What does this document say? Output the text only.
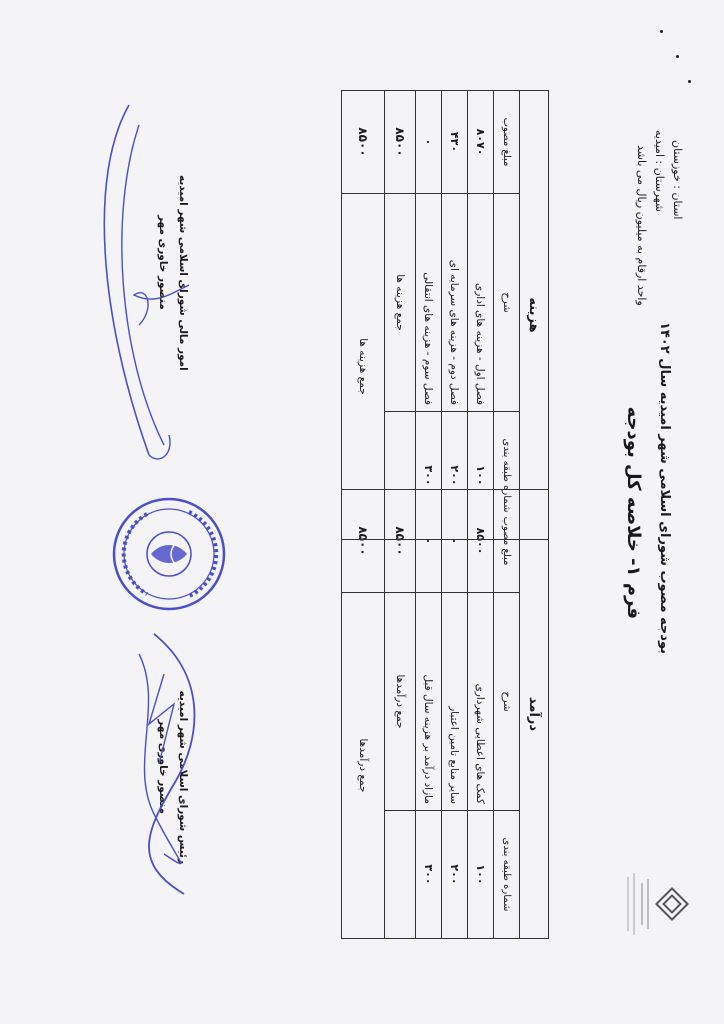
بودجه مصوب شورای اسلامی شهر امیدیه سال ۱۴۰۲
فرم ۱- خلاصه کل بودجه
استان : خوزستان
شهرستان : امیدیه
واحد ارقام به میلیون ریال می باشد
درآمد		
شماره طبقه بندی	شرح	مبلغ مصوب
۱۰۰	کمک های اعطایی شهرداری	۸۵۰۰
۲۰۰	سایر منابع تامین اعتبار	۰
۳۰۰	مازاد درآمد بر هزینه سال قبل	۰
	جمع درآمدها	۸۵۰۰
جمع درآمدها		۸۵۰۰
هزینه		
شماره طبقه بندی	شرح	مبلغ مصوب
۱۰۰	فصل اول - هزینه های اداری	۸۰۷۰
۲۰۰	فصل دوم - هزینه های سرمایه ای	۴۳۰
۳۰۰	فصل سوم - هزینه های انتقالی	۰
	جمع هزینه ها	۸۵۰۰
جمع هزینه ها		۸۵۰۰
رئیس شورای اسلامی شهر امیدیه
منصور خاوری مهر
امور مالی شورای اسلامی شهر امیدیه
منصور خاوری مهر
